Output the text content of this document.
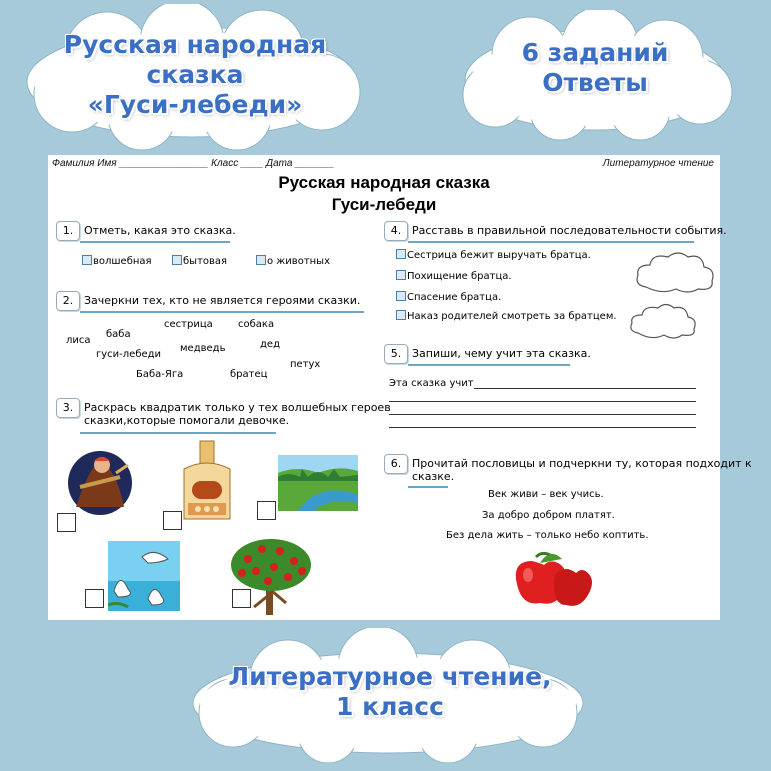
Русская народная
сказка
«Гуси-лебеди»
6 заданий
Ответы
Литературное чтение,
1 класс
Фамилия Имя ________________ Класс ____ Дата _______	Литературное чтение
Русская народная сказка
Гуси-лебеди
1. Отметь, какая это сказка.
волшебная	бытовая	о животных
2. Зачеркни тех, кто не является героями сказки.
сестрица	собака
баба
лиса	дед
медведь
гуси-лебеди
петух
Баба-Яга	братец
3. Раскрась квадратик только у тех волшебных героев
сказки,которые помогали девочке.
4. Расставь в правильной последовательности события.
Сестрица бежит выручать братца.
Похищение братца.
Спасение братца.
Наказ родителей смотреть за братцем.
5. Запиши, чему учит эта сказка.
Эта сказка учит
6. Прочитай пословицы и подчеркни ту, которая подходит к
сказке.
Век живи – век учись.
За добро добром платят.
Без дела жить – только небо коптить.
